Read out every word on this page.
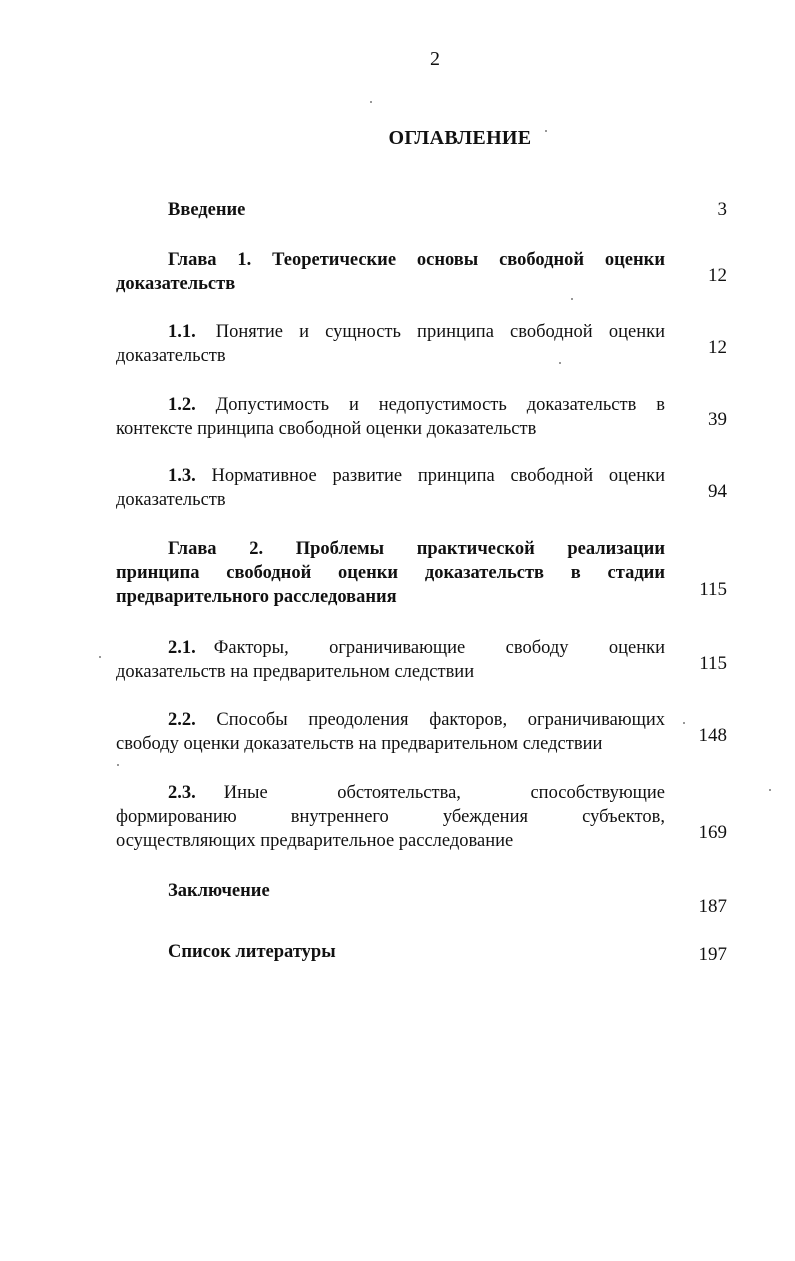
2
ОГЛАВЛЕНИЕ
Введение	3
Глава 1. Теоретические основы свободной оценки
доказательств	12
1.1. Понятие и сущность принципа свободной оценки
доказательств	12
1.2. Допустимость и недопустимость доказательств в
контексте принципа свободной оценки доказательств	39
1.3. Нормативное развитие принципа свободной оценки
доказательств	94
Глава 2. Проблемы практической реализации
принципа свободной оценки доказательств в стадии
предварительного расследования	115
2.1. Факторы, ограничивающие свободу оценки
доказательств на предварительном следствии	115
2.2. Способы преодоления факторов, ограничивающих
свободу оценки доказательств на предварительном следствии	148
2.3. Иные обстоятельства, способствующие
формированию внутреннего убеждения субъектов,
осуществляющих предварительное расследование	169
Заключение
187
Список литературы	197
